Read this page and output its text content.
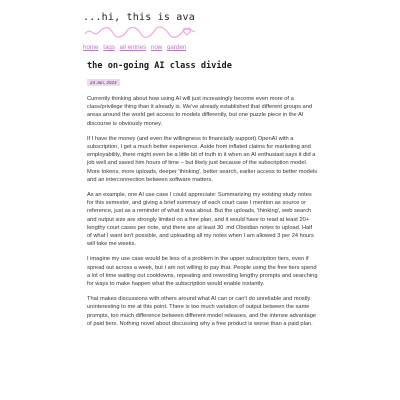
...hi, this is ava
home tags all entries now garden
the on-going AI class divide
24 Jan, 2024

Currently thinking about how using AI will just increasingly become even more of a class/privilege thing than it already is. We've already established that different groups and areas around the world get access to models differently, but one puzzle piece in the AI discourse is obviously money.

If I have the money (and even the willingness to financially support) OpenAI with a subscription, I get a much better experience. Aside from inflated claims for marketing and employability, there might even be a little bit of truth in it when an AI enthusiast says it did a job well and saved him hours of time – but likely just because of the subscription model. More tokens, more uploads, deeper 'thinking', better search, earlier access to better models and an interconnection between software matters.

As an example, one AI use case I could appreciate: Summarizing my existing study notes for this semester, and giving a brief summary of each court case I mention as source or reference, just as a reminder of what it was about. But the uploads, 'thinking', web search and output size are strongly limited on a free plan, and it would have to read at least 20+ lengthy court cases per note, and there are at least 30 .md Obsidian notes to upload. Half of what I want isn't possible, and uploading all my notes when I am allowed 3 per 24 hours will take me weeks.

I imagine my use case would be less of a problem in the upper subscription tiers, even if spread out across a week, but I am not willing to pay that. People using the free tiers spend a lot of time waiting out cooldowns, repeating and rewording lengthy prompts and searching for ways to make happen what the subscription would enable instantly.

That makes discussions with others around what AI can or can't do unreliable and mostly uninteresting to me at this point. There is too much variation of output between the same prompts, too much difference between different model releases, and the intense advantage of paid tiers. Nothing novel about discussing why a free product is worse than a paid plan.
